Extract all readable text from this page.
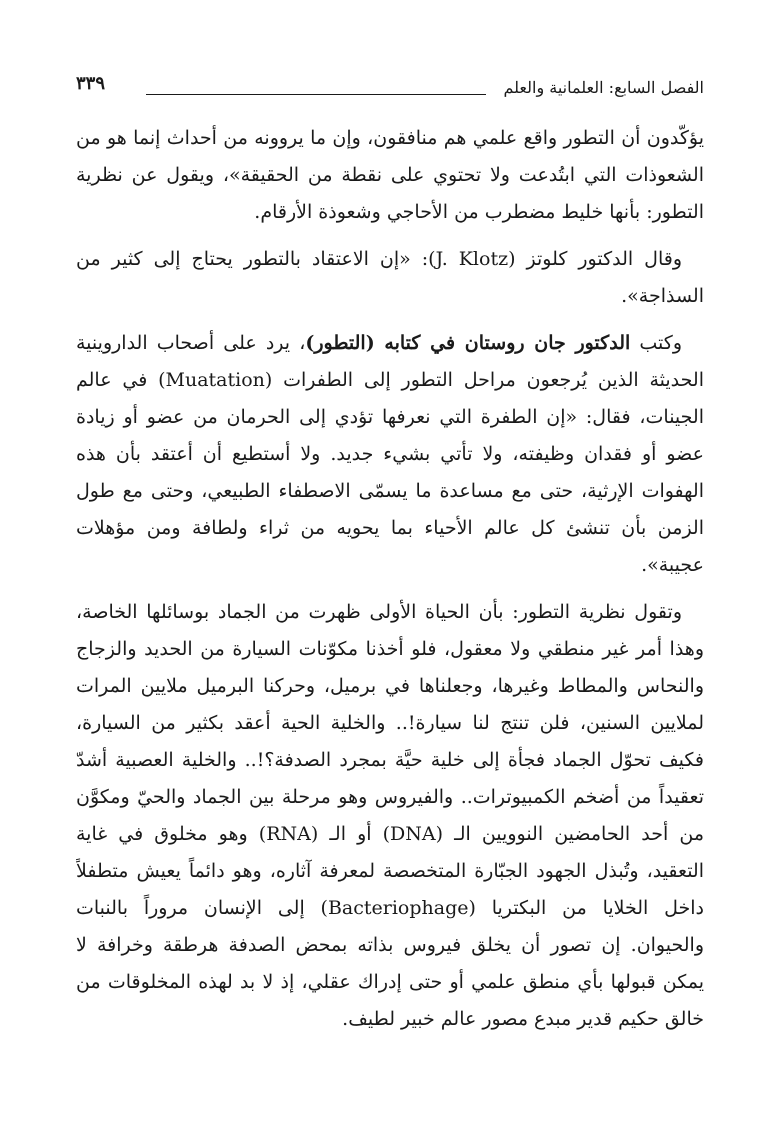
الفصل السابع: العلمانية والعلم
٣٣٩

يؤكّدون أن التطور واقع علمي هم منافقون، وإن ما يروونه من أحداث إنما هو من الشعوذات التي ابتُدعت ولا تحتوي على نقطة من الحقيقة»، ويقول عن نظرية التطور: بأنها خليط مضطرب من الأحاجي وشعوذة الأرقام.

وقال الدكتور كلوتز (J. Klotz): «إن الاعتقاد بالتطور يحتاج إلى كثير من السذاجة».

وكتب الدكتور جان روستان في كتابه (التطور)، يرد على أصحاب الداروينية الحديثة الذين يُرجعون مراحل التطور إلى الطفرات (Muatation) في عالم الجينات، فقال: «إن الطفرة التي نعرفها تؤدي إلى الحرمان من عضو أو زيادة عضو أو فقدان وظيفته، ولا تأتي بشيء جديد. ولا أستطيع أن أعتقد بأن هذه الهفوات الإرثية، حتى مع مساعدة ما يسمّى الاصطفاء الطبيعي، وحتى مع طول الزمن بأن تنشئ كل عالم الأحياء بما يحويه من ثراء ولطافة ومن مؤهلات عجيبة».

وتقول نظرية التطور: بأن الحياة الأولى ظهرت من الجماد بوسائلها الخاصة، وهذا أمر غير منطقي ولا معقول، فلو أخذنا مكوّنات السيارة من الحديد والزجاج والنحاس والمطاط وغيرها، وجعلناها في برميل، وحركنا البرميل ملايين المرات لملايين السنين، فلن تنتج لنا سيارة!.. والخلية الحية أعقد بكثير من السيارة، فكيف تحوّل الجماد فجأة إلى خلية حيَّة بمجرد الصدفة؟!.. والخلية العصبية أشدّ تعقيداً من أضخم الكمبيوترات.. والفيروس وهو مرحلة بين الجماد والحيّ ومكوَّن من أحد الحامضين النوويين الـ (DNA) أو الـ (RNA) وهو مخلوق في غاية التعقيد، وتُبذل الجهود الجبّارة المتخصصة لمعرفة آثاره، وهو دائماً يعيش متطفلاً داخل الخلايا من البكتريا (Bacteriophage) إلى الإنسان مروراً بالنبات والحيوان. إن تصور أن يخلق فيروس بذاته بمحض الصدفة هرطقة وخرافة لا يمكن قبولها بأي منطق علمي أو حتى إدراك عقلي، إذ لا بد لهذه المخلوقات من خالق حكيم قدير مبدع مصور عالم خبير لطيف.
